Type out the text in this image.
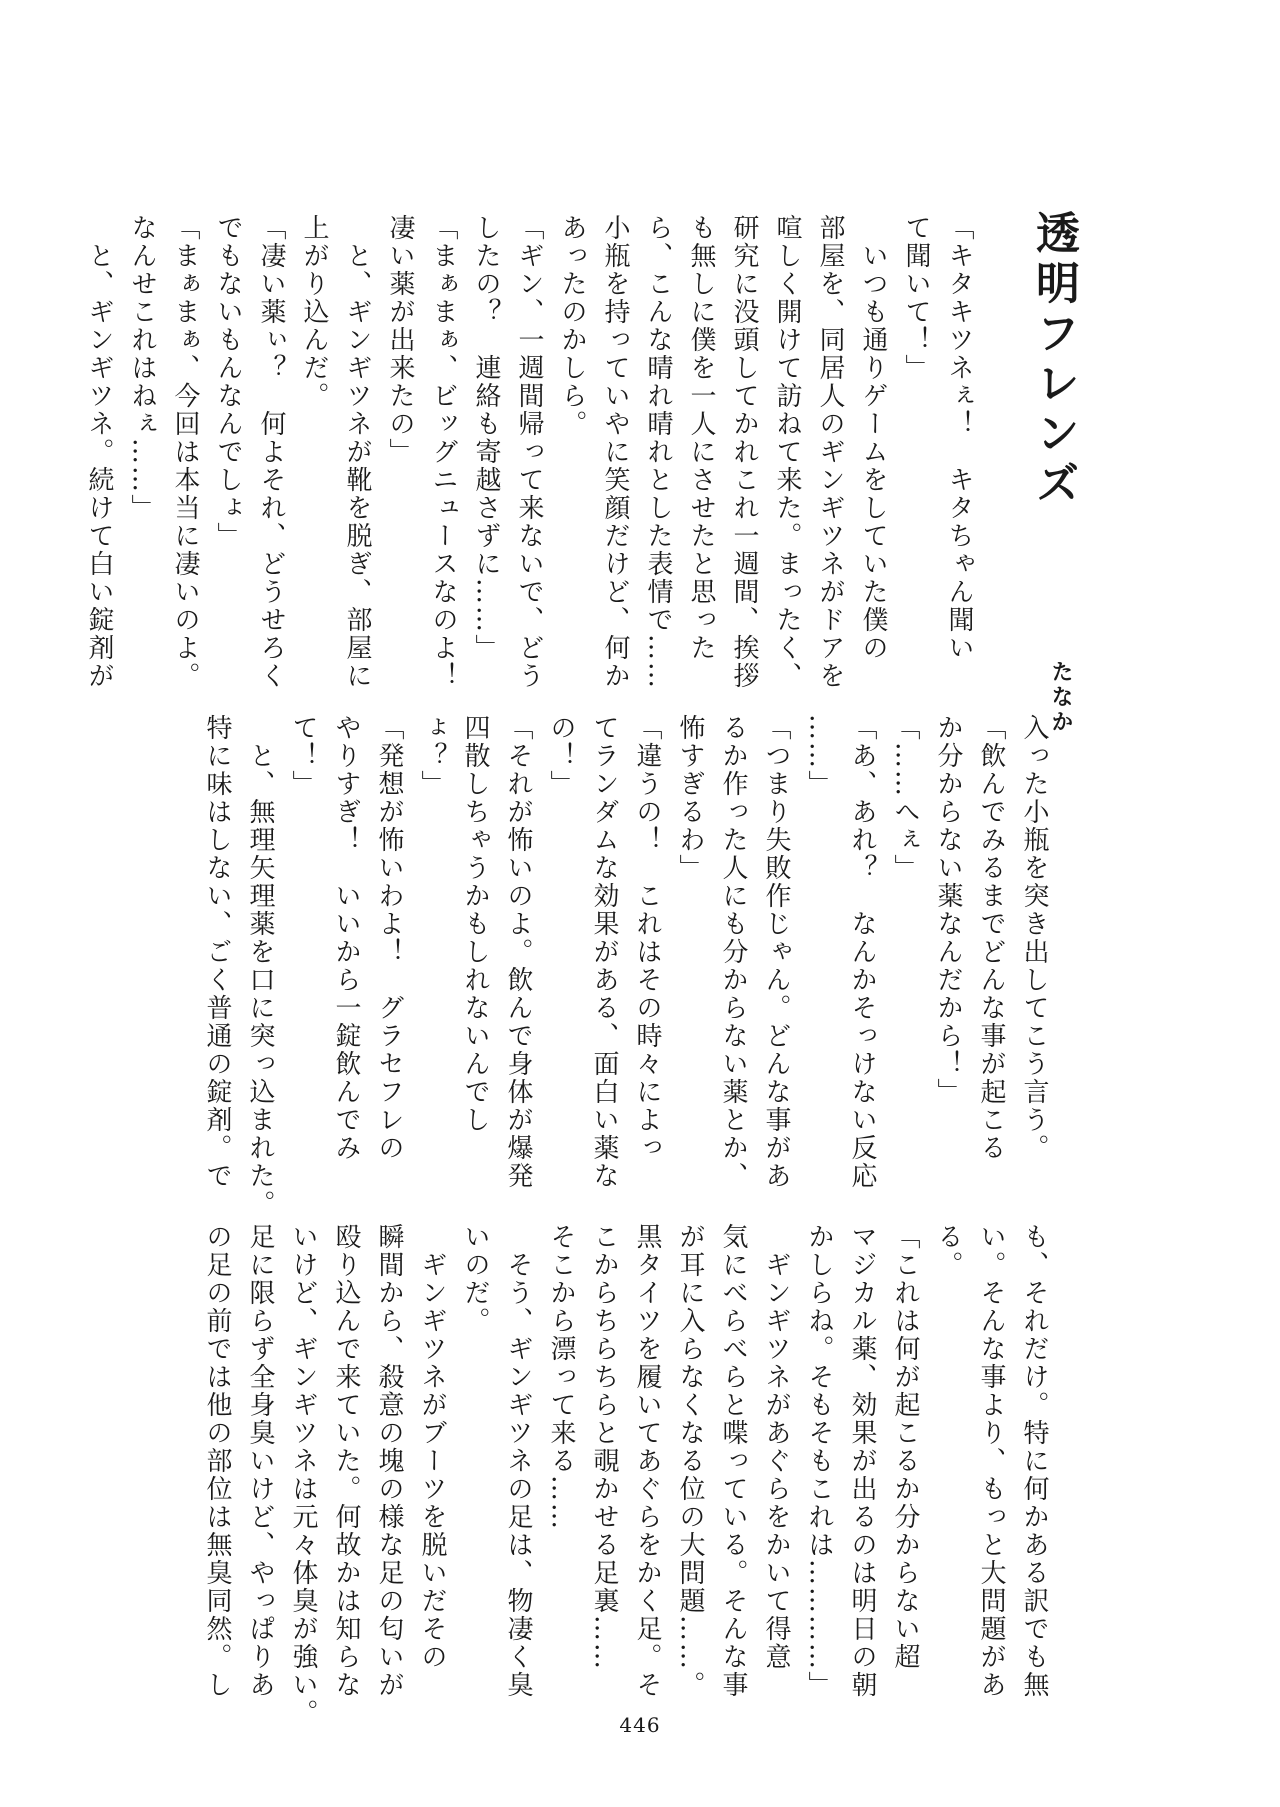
透明フレンズ
たなか
「キタキツネぇ！　キタちゃん聞い
て聞いて！」
　いつも通りゲームをしていた僕の
部屋を、同居人のギンギツネがドアを
喧しく開けて訪ねて来た。まったく、
研究に没頭してかれこれ一週間、挨拶
も無しに僕を一人にさせたと思った
ら、こんな晴れ晴れとした表情で……
小瓶を持っていやに笑顔だけど、何か
あったのかしら。
「ギン、一週間帰って来ないで、どう
したの？　連絡も寄越さずに……」
「まぁまぁ、ビッグニュースなのよ！
凄い薬が出来たの」
　と、ギンギツネが靴を脱ぎ、部屋に
上がり込んだ。
「凄い薬ぃ？　何よそれ、どうせろく
でもないもんなんでしょ」
「まぁまぁ、今回は本当に凄いのよ。
なんせこれはねぇ……」
　と、ギンギツネ。続けて白い錠剤が
入った小瓶を突き出してこう言う。
「飲んでみるまでどんな事が起こる
か分からない薬なんだから！」
「……へぇ」
「あ、あれ？　なんかそっけない反応
……」
「つまり失敗作じゃん。どんな事があ
るか作った人にも分からない薬とか、
怖すぎるわ」
「違うの！　これはその時々によっ
てランダムな効果がある、面白い薬な
の！」
「それが怖いのよ。飲んで身体が爆発
四散しちゃうかもしれないんでし
ょ？」
「発想が怖いわよ！　グラセフレの
やりすぎ！　いいから一錠飲んでみ
て！」
　と、無理矢理薬を口に突っ込まれた。
特に味はしない、ごく普通の錠剤。で
も、それだけ。特に何かある訳でも無
い。そんな事より、もっと大問題があ
る。
「これは何が起こるか分からない超
マジカル薬、効果が出るのは明日の朝
かしらね。そもそもこれは…………」
　ギンギツネがあぐらをかいて得意
気にべらべらと喋っている。そんな事
が耳に入らなくなる位の大問題……。
黒タイツを履いてあぐらをかく足。そ
こからちらちらと覗かせる足裏……
そこから漂って来る……
　そう、ギンギツネの足は、物凄く臭
いのだ。
　ギンギツネがブーツを脱いだその
瞬間から、殺意の塊の様な足の匂いが
殴り込んで来ていた。何故かは知らな
いけど、ギンギツネは元々体臭が強い。
足に限らず全身臭いけど、やっぱりあ
の足の前では他の部位は無臭同然。し
446
